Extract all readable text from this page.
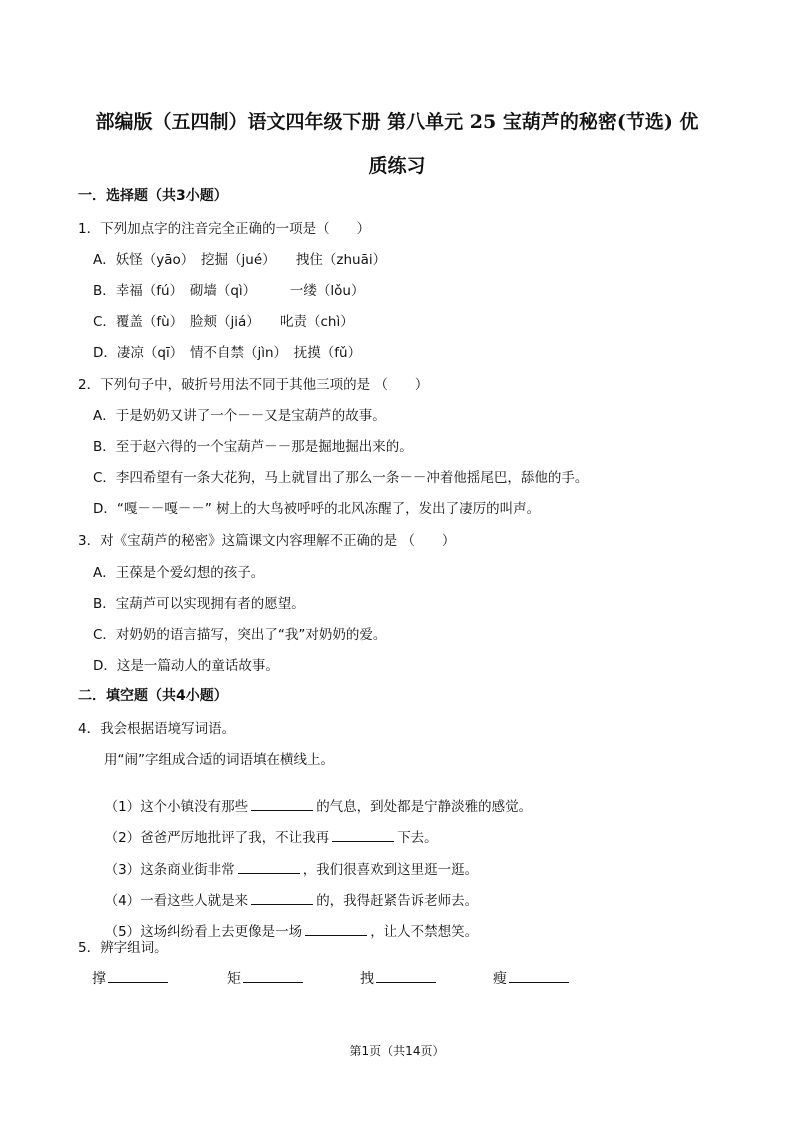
部编版（五四制）语文四年级下册 第八单元 25 宝葫芦的秘密(节选) 优
质练习
一．选择题（共3小题）
1．下列加点字的注音完全正确的一项是（　　）
A．妖怪（yāo）　挖掘（jué）　　拽住（zhuāi）
B．幸福（fú）　砌墙（qì）　　　一缕（lǒu）
C．覆盖（fù）　脸颊（jiá）　　叱责（chì）
D．凄凉（qī）　情不自禁（jìn）　抚摸（fǔ）
2．下列句子中，破折号用法不同于其他三项的是 （　　）
A．于是奶奶又讲了一个－－又是宝葫芦的故事。
B．至于赵六得的一个宝葫芦－－那是掘地掘出来的。
C．李四希望有一条大花狗，马上就冒出了那么一条－－冲着他摇尾巴，舔他的手。
D．“嘎－－嘎－－” 树上的大鸟被呼呼的北风冻醒了，发出了凄厉的叫声。
3．对《宝葫芦的秘密》这篇课文内容理解不正确的是 （　　）
A．王葆是个爱幻想的孩子。
B．宝葫芦可以实现拥有者的愿望。
C．对奶奶的语言描写，突出了“我”对奶奶的爱。
D．这是一篇动人的童话故事。
二．填空题（共4小题）
4．我会根据语境写词语。
用“闹”字组成合适的词语填在横线上。

（1）这个小镇没有那些	的气息，到处都是宁静淡雅的感觉。

（2）爸爸严厉地批评了我，不让我再	下去。

（3）这条商业街非常	，我们很喜欢到这里逛一逛。

（4）一看这些人就是来	的，我得赶紧告诉老师去。

（5）这场纠纷看上去更像是一场	，让人不禁想笑。

5．辨字组词。
撑	矩	拽	瘦
第1页（共14页）
